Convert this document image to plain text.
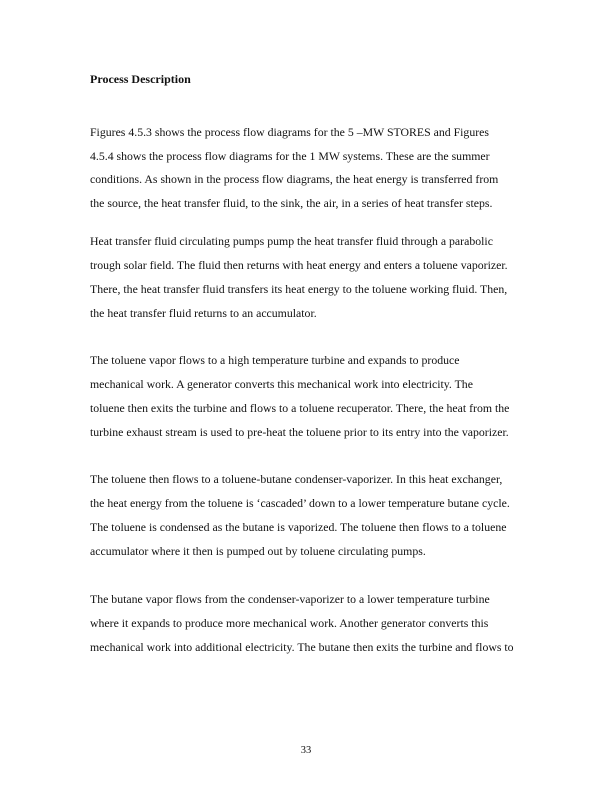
Process Description

Figures 4.5.3 shows the process flow diagrams for the 5 –MW STORES and Figures

4.5.4 shows the process flow diagrams for the 1 MW systems. These are the summer

conditions. As shown in the process flow diagrams, the heat energy is transferred from

the source, the heat transfer fluid, to the sink, the air, in a series of heat transfer steps.

Heat transfer fluid circulating pumps pump the heat transfer fluid through a parabolic

trough solar field. The fluid then returns with heat energy and enters a toluene vaporizer.

There, the heat transfer fluid transfers its heat energy to the toluene working fluid. Then,

the heat transfer fluid returns to an accumulator.

The toluene vapor flows to a high temperature turbine and expands to produce

mechanical work. A generator converts this mechanical work into electricity. The

toluene then exits the turbine and flows to a toluene recuperator. There, the heat from the

turbine exhaust stream is used to pre-heat the toluene prior to its entry into the vaporizer.

The toluene then flows to a toluene-butane condenser-vaporizer. In this heat exchanger,

the heat energy from the toluene is ‘cascaded’ down to a lower temperature butane cycle.

The toluene is condensed as the butane is vaporized. The toluene then flows to a toluene

accumulator where it then is pumped out by toluene circulating pumps.

The butane vapor flows from the condenser-vaporizer to a lower temperature turbine

where it expands to produce more mechanical work. Another generator converts this

mechanical work into additional electricity. The butane then exits the turbine and flows to

33
